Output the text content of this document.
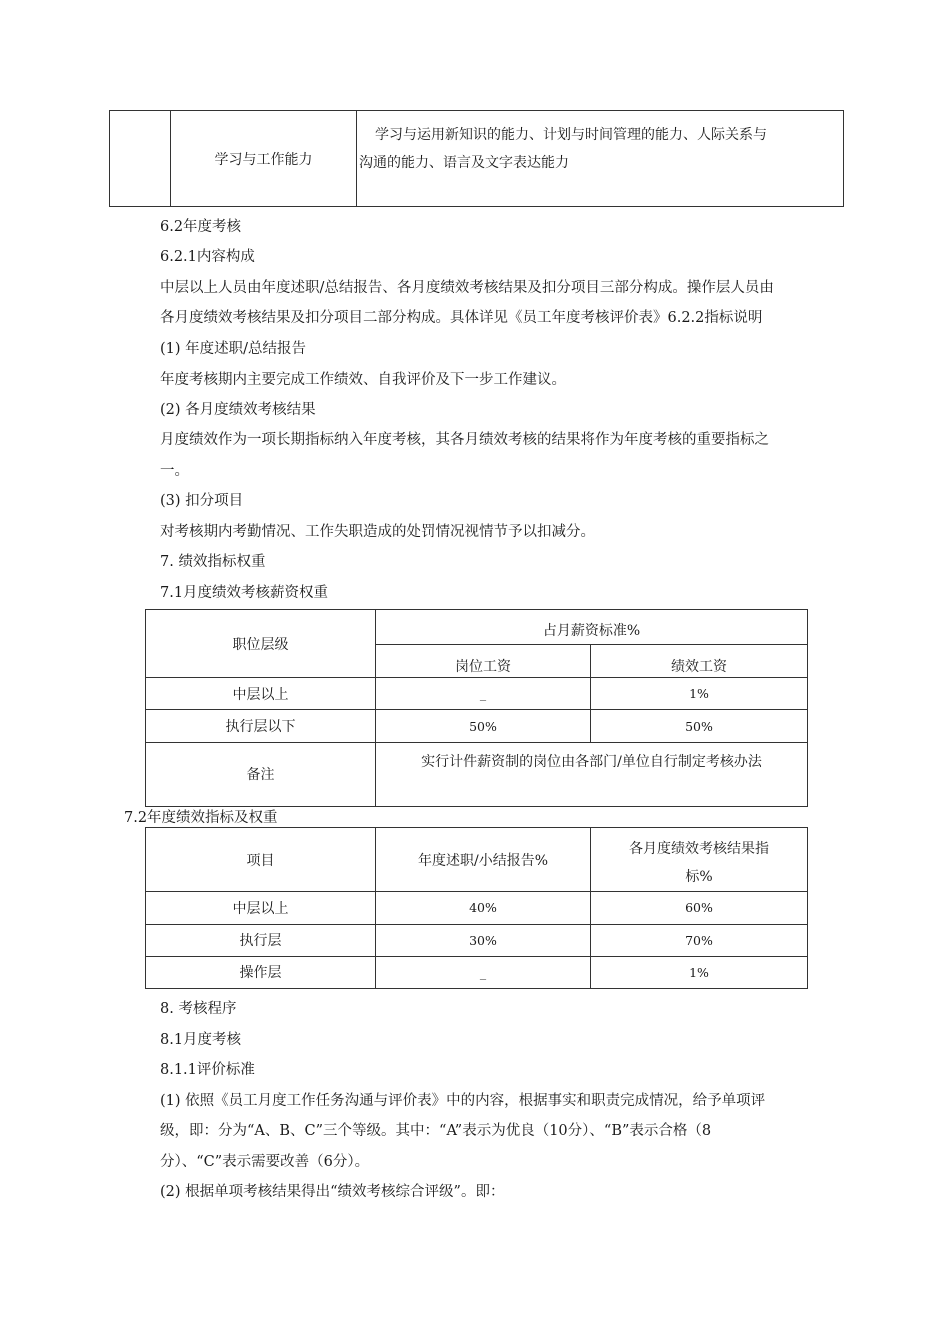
	学习与工作能力	
学习与运用新知识的能力、计划与时间管理的能力、人际关系与
沟通的能力、语言及文字表达能力
6.2年度考核
6.2.1内容构成
中层以上人员由年度述职/总结报告、各月度绩效考核结果及扣分项目三部分构成。操作层人员由
各月度绩效考核结果及扣分项目二部分构成。具体详见《员工年度考核评价表》6.2.2指标说明
(1) 年度述职/总结报告
年度考核期内主要完成工作绩效、自我评价及下一步工作建议。
(2) 各月度绩效考核结果
月度绩效作为一项长期指标纳入年度考核，其各月绩效考核的结果将作为年度考核的重要指标之
一。
(3) 扣分项目
对考核期内考勤情况、工作失职造成的处罚情况视情节予以扣减分。
7. 绩效指标权重
7.1月度绩效考核薪资权重
职位层级	占月薪资标准%	
	岗位工资	绩效工资
中层以上	_	1%
执行层以下	50%	50%
备注	实行计件薪资制的岗位由各部门/单位自行制定考核办法	
7.2年度绩效指标及权重
项目	年度述职/小结报告%	各月度绩效考核结果指
标%

中层以上	40%	60%
执行层	30%	70%
操作层	_	1%
8. 考核程序
8.1月度考核
8.1.1评价标准
(1) 依照《员工月度工作任务沟通与评价表》中的内容，根据事实和职责完成情况，给予单项评
级，即：分为“A、B、C”三个等级。其中：“A”表示为优良（10分）、“B”表示合格（8
分）、“C”表示需要改善（6分）。
(2) 根据单项考核结果得出“绩效考核综合评级”。即：
